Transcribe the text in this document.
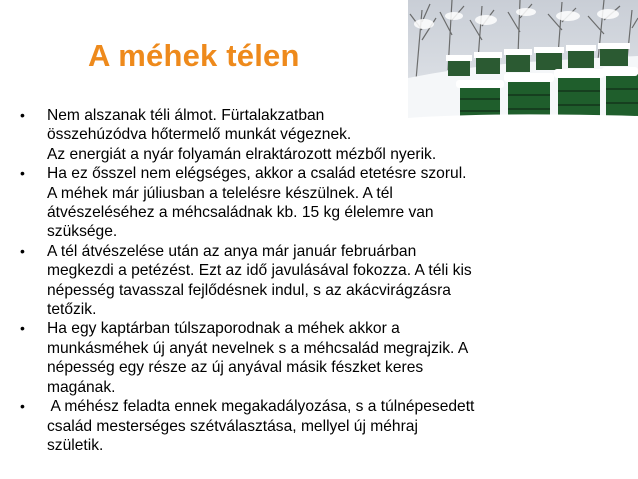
A méhek télen
• Nem alszanak téli álmot. Fürtalakzatban
összehúzódva hőtermelő munkát végeznek.
Az energiát a nyár folyamán elraktározott mézből nyerik.
• Ha ez ősszel nem elégséges, akkor a család etetésre szorul.
A méhek már júliusban a telelésre készülnek. A tél
átvészeléséhez a méhcsaládnak kb. 15 kg élelemre van
szüksége.
• A tél átvészelése után az anya már január februárban
megkezdi a petézést. Ezt az idő javulásával fokozza. A téli kis
népesség tavasszal fejlődésnek indul, s az akácvirágzásra
tetőzik.
• Ha egy kaptárban túlszaporodnak a méhek akkor a
munkásméhek új anyát nevelnek s a méhcsalád megrajzik. A
népesség egy része az új anyával másik fészket keres
magának.
• A méhész feladta ennek megakadályozása, s a túlnépesedett
család mesterséges szétválasztása, mellyel új méhraj
születik.
